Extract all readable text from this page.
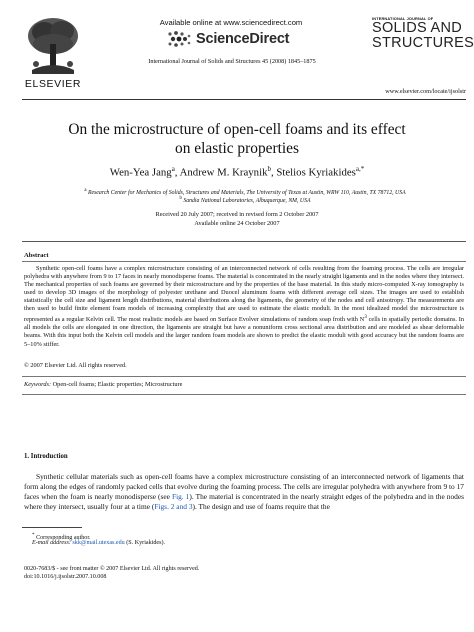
ELSEVIER
Available online at www.sciencedirect.com
ScienceDirect
International Journal of Solids and Structures 45 (2008) 1845–1875
INTERNATIONAL JOURNAL OF
SOLIDS AND
STRUCTURES
www.elsevier.com/locate/ijsolstr
On the microstructure of open-cell foams and its effect
on elastic properties
Wen-Yea Jang$^a$, Andrew M. Kraynik$^b$, Stelios Kyriakides$^{a,*}$
$^a$ Research Center for Mechanics of Solids, Structures and Materials, The University of Texas at Austin, WRW 110, Austin, TX 78712, USA
$^b$ Sandia National Laboratories, Albuquerque, NM, USA
Received 20 July 2007; received in revised form 2 October 2007
Available online 24 October 2007
Abstract
Synthetic open-cell foams have a complex microstructure consisting of an interconnected network of cells resulting from the foaming process. The cells are irregular polyhedra with anywhere from 9 to 17 faces in nearly monodisperse foams. The material is concentrated in the nearly straight ligaments and in the nodes where they intersect. The mechanical properties of such foams are governed by their microstructure and by the properties of the base material. In this study micro-computed X-ray tomography is used to develop 3D images of the morphology of polyester urethane and Duocel aluminum foams with different average cell sizes. The images are used to establish statistically the cell size and ligament length distributions, material distributions along the ligaments, the geometry of the nodes and cell anisotropy. The measurements are then used to build finite element foam models of increasing complexity that are used to estimate the elastic moduli. In the most idealized model the microstructure is represented as a regular Kelvin cell. The most realistic models are based on Surface Evolver simulations of random soap froth with $N^3$ cells in spatially periodic domains. In all models the cells are elongated in one direction, the ligaments are straight but have a nonuniform cross sectional area distribution and are modeled as shear deformable beams. With this input both the Kelvin cell models and the larger random foam models are shown to predict the elastic moduli with good accuracy but the random foams are 5–10% stiffer.
© 2007 Elsevier Ltd. All rights reserved.
Keywords: Open-cell foams; Elastic properties; Microstructure
1. Introduction
Synthetic cellular materials such as open-cell foams have a complex microstructure consisting of an interconnected network of ligaments that form along the edges of randomly packed cells that evolve during the foaming process. The cells are irregular polyhedra with anywhere from 9 to 17 faces when the foam is nearly monodisperse (see Fig. 1). The material is concentrated in the nearly straight edges of the polyhedra and in the nodes where they intersect, usually four at a time (Figs. 2 and 3). The design and use of foams require that the
* Corresponding author.
E-mail address: skk@mail.utexas.edu (S. Kyriakides).
0020-7683/$ - see front matter © 2007 Elsevier Ltd. All rights reserved.
doi:10.1016/j.ijsolstr.2007.10.008
